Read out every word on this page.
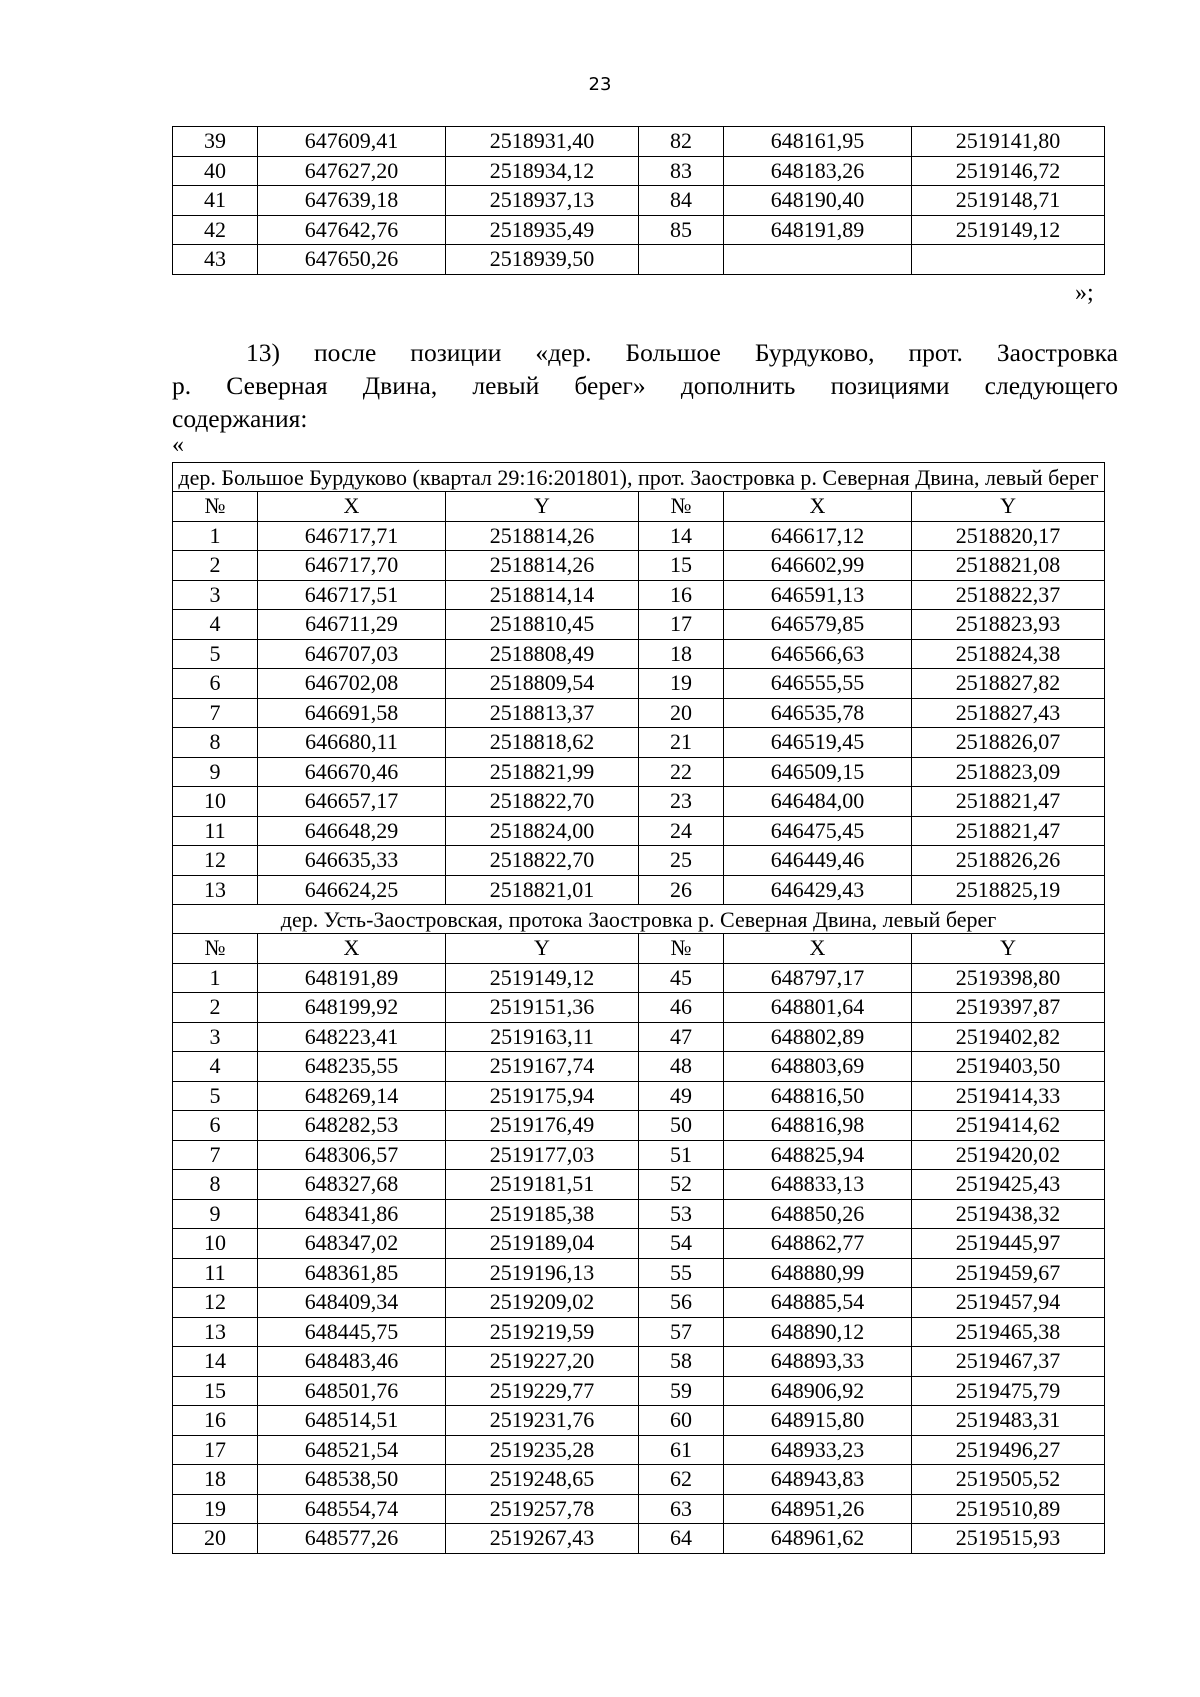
23
39	647609,41	2518931,40	82	648161,95	2519141,80
40	647627,20	2518934,12	83	648183,26	2519146,72
41	647639,18	2518937,13	84	648190,40	2519148,71
42	647642,76	2518935,49	85	648191,89	2519149,12
43	647650,26	2518939,50			
»;
13) после позиции «дер. Большое Бурдуково, прот. Заостровка
р. Северная Двина, левый берег» дополнить позициями следующего
содержания:
«
дер. Большое Бурдуково (квартал 29:16:201801), прот. Заостровка р. Северная Двина, левый берег					
№	X	Y	№	X	Y
1	646717,71	2518814,26	14	646617,12	2518820,17
2	646717,70	2518814,26	15	646602,99	2518821,08
3	646717,51	2518814,14	16	646591,13	2518822,37
4	646711,29	2518810,45	17	646579,85	2518823,93
5	646707,03	2518808,49	18	646566,63	2518824,38
6	646702,08	2518809,54	19	646555,55	2518827,82
7	646691,58	2518813,37	20	646535,78	2518827,43
8	646680,11	2518818,62	21	646519,45	2518826,07
9	646670,46	2518821,99	22	646509,15	2518823,09
10	646657,17	2518822,70	23	646484,00	2518821,47
11	646648,29	2518824,00	24	646475,45	2518821,47
12	646635,33	2518822,70	25	646449,46	2518826,26
13	646624,25	2518821,01	26	646429,43	2518825,19
дер. Усть-Заостровская, протока Заостровка р. Северная Двина, левый берег					
№	X	Y	№	X	Y
1	648191,89	2519149,12	45	648797,17	2519398,80
2	648199,92	2519151,36	46	648801,64	2519397,87
3	648223,41	2519163,11	47	648802,89	2519402,82
4	648235,55	2519167,74	48	648803,69	2519403,50
5	648269,14	2519175,94	49	648816,50	2519414,33
6	648282,53	2519176,49	50	648816,98	2519414,62
7	648306,57	2519177,03	51	648825,94	2519420,02
8	648327,68	2519181,51	52	648833,13	2519425,43
9	648341,86	2519185,38	53	648850,26	2519438,32
10	648347,02	2519189,04	54	648862,77	2519445,97
11	648361,85	2519196,13	55	648880,99	2519459,67
12	648409,34	2519209,02	56	648885,54	2519457,94
13	648445,75	2519219,59	57	648890,12	2519465,38
14	648483,46	2519227,20	58	648893,33	2519467,37
15	648501,76	2519229,77	59	648906,92	2519475,79
16	648514,51	2519231,76	60	648915,80	2519483,31
17	648521,54	2519235,28	61	648933,23	2519496,27
18	648538,50	2519248,65	62	648943,83	2519505,52
19	648554,74	2519257,78	63	648951,26	2519510,89
20	648577,26	2519267,43	64	648961,62	2519515,93
